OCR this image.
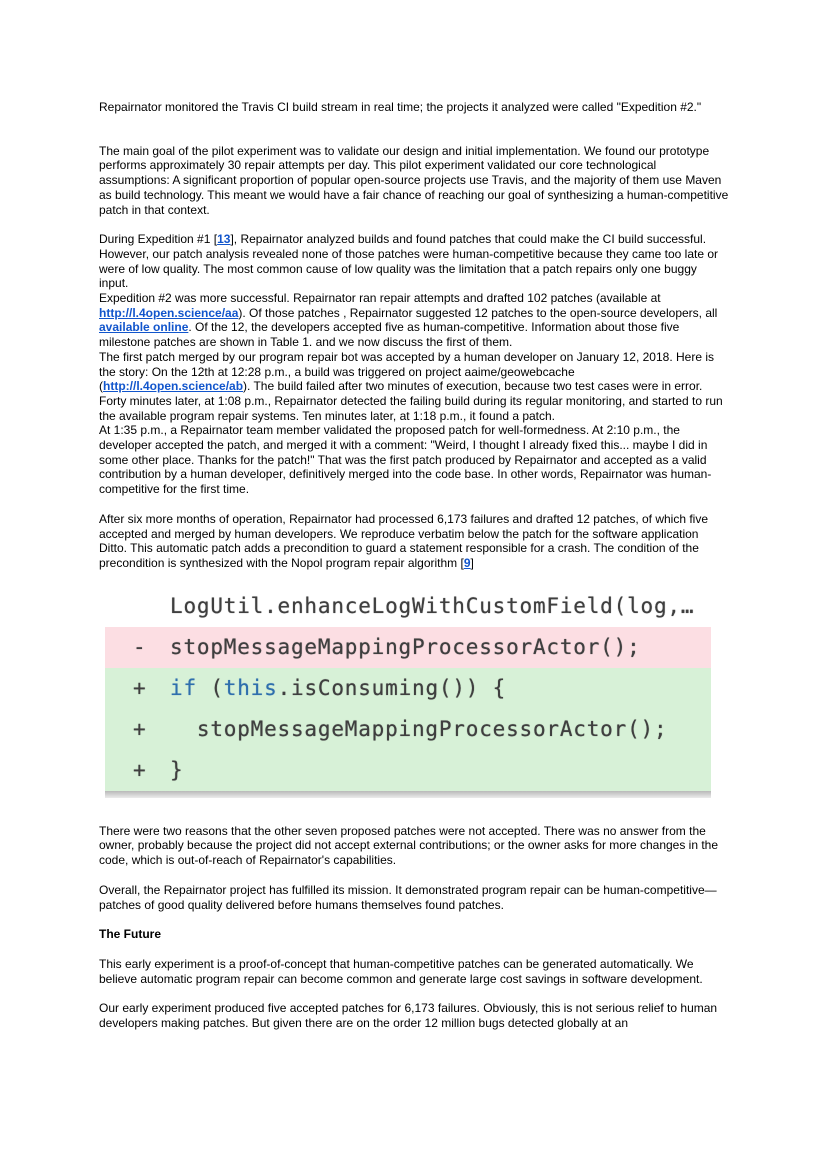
Repairnator monitored the Travis CI build stream in real time; the projects it analyzed were called "Expedition #2."
The main goal of the pilot experiment was to validate our design and initial implementation. We found our prototype performs approximately 30 repair attempts per day. This pilot experiment validated our core technological assumptions: A significant proportion of popular open-source projects use Travis, and the majority of them use Maven as build technology. This meant we would have a fair chance of reaching our goal of synthesizing a human-competitive patch in that context.
During Expedition #1 [13], Repairnator analyzed builds and found patches that could make the CI build successful. However, our patch analysis revealed none of those patches were human-competitive because they came too late or were of low quality. The most common cause of low quality was the limitation that a patch repairs only one buggy input.
Expedition #2 was more successful. Repairnator ran repair attempts and drafted 102 patches (available at http://l.4open.science/aa). Of those patches , Repairnator suggested 12 patches to the open-source developers, all available online. Of the 12, the developers accepted five as human-competitive. Information about those five milestone patches are shown in Table 1. and we now discuss the first of them.
The first patch merged by our program repair bot was accepted by a human developer on January 12, 2018. Here is the story: On the 12th at 12:28 p.m., a build was triggered on project aaime/geowebcache (http://l.4open.science/ab). The build failed after two minutes of execution, because two test cases were in error. Forty minutes later, at 1:08 p.m., Repairnator detected the failing build during its regular monitoring, and started to run the available program repair systems. Ten minutes later, at 1:18 p.m., it found a patch.
At 1:35 p.m., a Repairnator team member validated the proposed patch for well-formedness. At 2:10 p.m., the developer accepted the patch, and merged it with a comment: "Weird, I thought I already fixed this... maybe I did in some other place. Thanks for the patch!" That was the first patch produced by Repairnator and accepted as a valid contribution by a human developer, definitively merged into the code base. In other words, Repairnator was human-competitive for the first time.
After six more months of operation, Repairnator had processed 6,173 failures and drafted 12 patches, of which five accepted and merged by human developers. We reproduce verbatim below the patch for the software application Ditto. This automatic patch adds a precondition to guard a statement responsible for a crash. The condition of the precondition is synthesized with the Nopol program repair algorithm [9]
LogUtil.enhanceLogWithCustomField(log,…
-	stopMessageMappingProcessorActor();
+	if (this.isConsuming()) {
+	stopMessageMappingProcessorActor();
+	}
There were two reasons that the other seven proposed patches were not accepted. There was no answer from the owner, probably because the project did not accept external contributions; or the owner asks for more changes in the code, which is out-of-reach of Repairnator's capabilities.
Overall, the Repairnator project has fulfilled its mission. It demonstrated program repair can be human-competitive—patches of good quality delivered before humans themselves found patches.
The Future
This early experiment is a proof-of-concept that human-competitive patches can be generated automatically. We believe automatic program repair can become common and generate large cost savings in software development.
Our early experiment produced five accepted patches for 6,173 failures. Obviously, this is not serious relief to human developers making patches. But given there are on the order 12 million bugs detected globally at an
